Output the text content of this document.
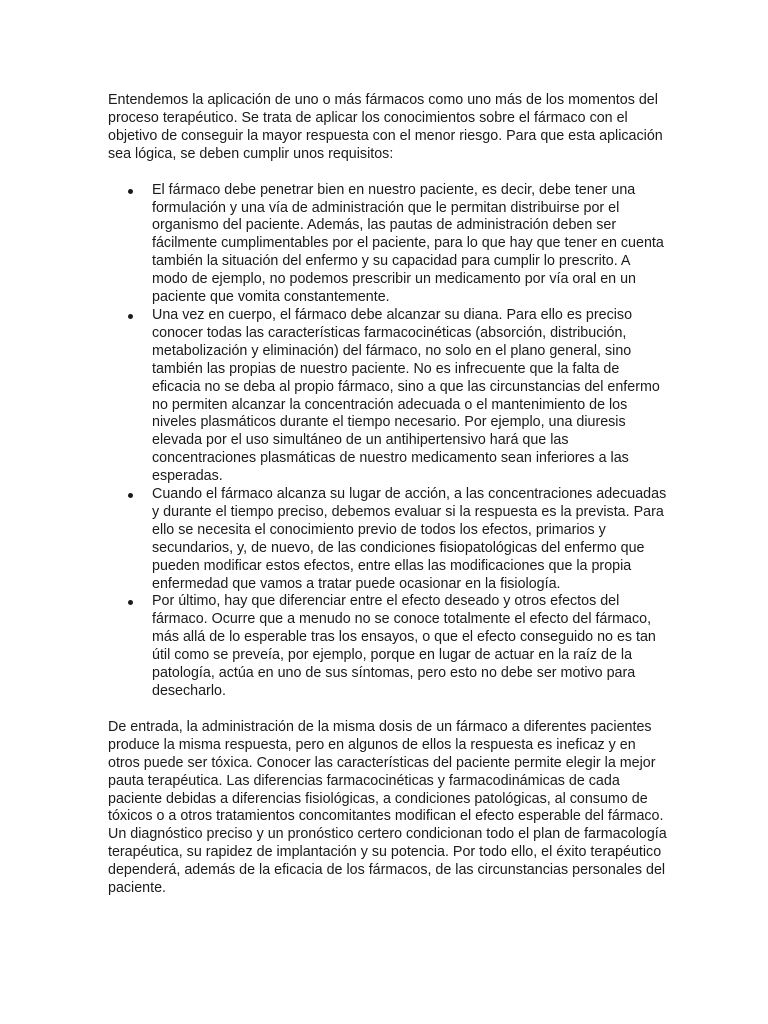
Entendemos la aplicación de uno o más fármacos como uno más de los momentos del proceso terapéutico. Se trata de aplicar los conocimientos sobre el fármaco con el objetivo de conseguir la mayor respuesta con el menor riesgo. Para que esta aplicación sea lógica, se deben cumplir unos requisitos:

El fármaco debe penetrar bien en nuestro paciente, es decir, debe tener una formulación y una vía de administración que le permitan distribuirse por el organismo del paciente. Además, las pautas de administración deben ser fácilmente cumplimentables por el paciente, para lo que hay que tener en cuenta también la situación del enfermo y su capacidad para cumplir lo prescrito. A modo de ejemplo, no podemos prescribir un medicamento por vía oral en un paciente que vomita constantemente.
Una vez en cuerpo, el fármaco debe alcanzar su diana. Para ello es preciso conocer todas las características farmacocinéticas (absorción, distribución, metabolización y eliminación) del fármaco, no solo en el plano general, sino también las propias de nuestro paciente. No es infrecuente que la falta de eficacia no se deba al propio fármaco, sino a que las circunstancias del enfermo no permiten alcanzar la concentración adecuada o el mantenimiento de los niveles plasmáticos durante el tiempo necesario. Por ejemplo, una diuresis elevada por el uso simultáneo de un antihipertensivo hará que las concentraciones plasmáticas de nuestro medicamento sean inferiores a las esperadas.
Cuando el fármaco alcanza su lugar de acción, a las concentraciones adecuadas y durante el tiempo preciso, debemos evaluar si la respuesta es la prevista. Para ello se necesita el conocimiento previo de todos los efectos, primarios y secundarios, y, de nuevo, de las condiciones fisiopatológicas del enfermo que pueden modificar estos efectos, entre ellas las modificaciones que la propia enfermedad que vamos a tratar puede ocasionar en la fisiología.
Por último, hay que diferenciar entre el efecto deseado y otros efectos del fármaco. Ocurre que a menudo no se conoce totalmente el efecto del fármaco, más allá de lo esperable tras los ensayos, o que el efecto conseguido no es tan útil como se preveía, por ejemplo, porque en lugar de actuar en la raíz de la patología, actúa en uno de sus síntomas, pero esto no debe ser motivo para desecharlo.

De entrada, la administración de la misma dosis de un fármaco a diferentes pacientes produce la misma respuesta, pero en algunos de ellos la respuesta es ineficaz y en otros puede ser tóxica. Conocer las características del paciente permite elegir la mejor pauta terapéutica. Las diferencias farmacocinéticas y farmacodinámicas de cada paciente debidas a diferencias fisiológicas, a condiciones patológicas, al consumo de tóxicos o a otros tratamientos concomitantes modifican el efecto esperable del fármaco. Un diagnóstico preciso y un pronóstico certero condicionan todo el plan de farmacología terapéutica, su rapidez de implantación y su potencia. Por todo ello, el éxito terapéutico dependerá, además de la eficacia de los fármacos, de las circunstancias personales del paciente.
